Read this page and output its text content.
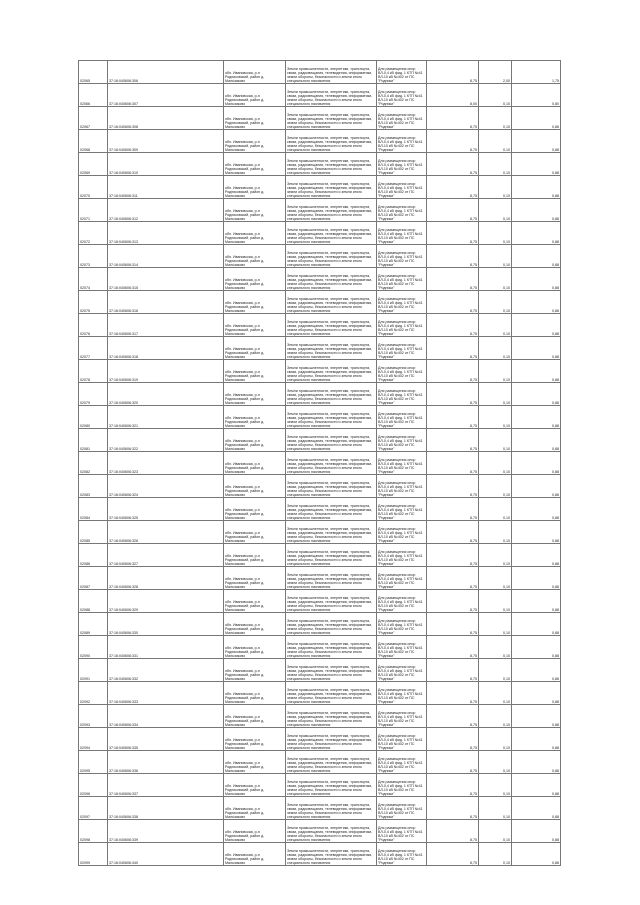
02065	37:16:040606:306	обл. Ивановская, р-н Родниковский, район д. Мальчиково	Земли промышленности, энергетики, транспорта, связи, радиовещания, телевидения, информатики, земли обороны, безопасности и земли иного специального назначения	Для размещения опор ВЛ-0,4 кВ фид. 1 КТП №41 ВЛ-10 кВ №402 от ПС "Родники"	8,75	2,00	1,75
02066	37:16:040606:307	обл. Ивановская, р-н Родниковский, район д. Мальчиково	Земли промышленности, энергетики, транспорта, связи, радиовещания, телевидения, информатики, земли обороны, безопасности и земли иного специального назначения	Для размещения опор ВЛ-0,4 кВ фид. 1 КТП №41 ВЛ-10 кВ №402 от ПС "Родники"	8,00	0,10	0,80
02067	37:16:040606:308	обл. Ивановская, р-н Родниковский, район д. Мальчиково	Земли промышленности, энергетики, транспорта, связи, радиовещания, телевидения, информатики, земли обороны, безопасности и земли иного специального назначения	Для размещения опор ВЛ-0,4 кВ фид. 1 КТП №41 ВЛ-10 кВ №402 от ПС "Родники"	8,75	0,10	0,88
02068	37:16:040606:309	обл. Ивановская, р-н Родниковский, район д. Мальчиково	Земли промышленности, энергетики, транспорта, связи, радиовещания, телевидения, информатики, земли обороны, безопасности и земли иного специального назначения	Для размещения опор ВЛ-0,4 кВ фид. 1 КТП №41 ВЛ-10 кВ №402 от ПС "Родники"	8,75	0,10	0,88
02069	37:16:040606:310	обл. Ивановская, р-н Родниковский, район д. Мальчиково	Земли промышленности, энергетики, транспорта, связи, радиовещания, телевидения, информатики, земли обороны, безопасности и земли иного специального назначения	Для размещения опор ВЛ-0,4 кВ фид. 1 КТП №41 ВЛ-10 кВ №402 от ПС "Родники"	8,75	0,10	0,88
02070	37:16:040606:311	обл. Ивановская, р-н Родниковский, район д. Мальчиково	Земли промышленности, энергетики, транспорта, связи, радиовещания, телевидения, информатики, земли обороны, безопасности и земли иного специального назначения	Для размещения опор ВЛ-0,4 кВ фид. 1 КТП №41 ВЛ-10 кВ №402 от ПС "Родники"	8,75	0,10	0,88
02071	37:16:040606:312	обл. Ивановская, р-н Родниковский, район д. Мальчиково	Земли промышленности, энергетики, транспорта, связи, радиовещания, телевидения, информатики, земли обороны, безопасности и земли иного специального назначения	Для размещения опор ВЛ-0,4 кВ фид. 1 КТП №41 ВЛ-10 кВ №402 от ПС "Родники"	8,75	0,10	0,88
02072	37:16:040606:313	обл. Ивановская, р-н Родниковский, район д. Мальчиково	Земли промышленности, энергетики, транспорта, связи, радиовещания, телевидения, информатики, земли обороны, безопасности и земли иного специального назначения	Для размещения опор ВЛ-0,4 кВ фид. 1 КТП №41 ВЛ-10 кВ №402 от ПС "Родники"	8,75	0,10	0,88
02073	37:16:040606:314	обл. Ивановская, р-н Родниковский, район д. Мальчиково	Земли промышленности, энергетики, транспорта, связи, радиовещания, телевидения, информатики, земли обороны, безопасности и земли иного специального назначения	Для размещения опор ВЛ-0,4 кВ фид. 1 КТП №41 ВЛ-10 кВ №402 от ПС "Родники"	8,75	0,10	0,88
02074	37:16:040606:315	обл. Ивановская, р-н Родниковский, район д. Мальчиково	Земли промышленности, энергетики, транспорта, связи, радиовещания, телевидения, информатики, земли обороны, безопасности и земли иного специального назначения	Для размещения опор ВЛ-0,4 кВ фид. 1 КТП №41 ВЛ-10 кВ №402 от ПС "Родники"	8,75	0,10	0,88
02075	37:16:040606:316	обл. Ивановская, р-н Родниковский, район д. Мальчиково	Земли промышленности, энергетики, транспорта, связи, радиовещания, телевидения, информатики, земли обороны, безопасности и земли иного специального назначения	Для размещения опор ВЛ-0,4 кВ фид. 1 КТП №41 ВЛ-10 кВ №402 от ПС "Родники"	8,75	0,10	0,88
02076	37:16:040606:317	обл. Ивановская, р-н Родниковский, район д. Мальчиково	Земли промышленности, энергетики, транспорта, связи, радиовещания, телевидения, информатики, земли обороны, безопасности и земли иного специального назначения	Для размещения опор ВЛ-0,4 кВ фид. 1 КТП №41 ВЛ-10 кВ №402 от ПС "Родники"	8,75	0,10	0,88
02077	37:16:040606:318	обл. Ивановская, р-н Родниковский, район д. Мальчиково	Земли промышленности, энергетики, транспорта, связи, радиовещания, телевидения, информатики, земли обороны, безопасности и земли иного специального назначения	Для размещения опор ВЛ-0,4 кВ фид. 1 КТП №41 ВЛ-10 кВ №402 от ПС "Родники"	8,75	0,10	0,88
02078	37:16:040606:319	обл. Ивановская, р-н Родниковский, район д. Мальчиково	Земли промышленности, энергетики, транспорта, связи, радиовещания, телевидения, информатики, земли обороны, безопасности и земли иного специального назначения	Для размещения опор ВЛ-0,4 кВ фид. 1 КТП №41 ВЛ-10 кВ №402 от ПС "Родники"	8,75	0,10	0,88
02079	37:16:040606:320	обл. Ивановская, р-н Родниковский, район д. Мальчиково	Земли промышленности, энергетики, транспорта, связи, радиовещания, телевидения, информатики, земли обороны, безопасности и земли иного специального назначения	Для размещения опор ВЛ-0,4 кВ фид. 1 КТП №41 ВЛ-10 кВ №402 от ПС "Родники"	8,75	0,10	0,88
02080	37:16:040606:321	обл. Ивановская, р-н Родниковский, район д. Мальчиково	Земли промышленности, энергетики, транспорта, связи, радиовещания, телевидения, информатики, земли обороны, безопасности и земли иного специального назначения	Для размещения опор ВЛ-0,4 кВ фид. 1 КТП №41 ВЛ-10 кВ №402 от ПС "Родники"	8,75	0,10	0,88
02081	37:16:040606:322	обл. Ивановская, р-н Родниковский, район д. Мальчиково	Земли промышленности, энергетики, транспорта, связи, радиовещания, телевидения, информатики, земли обороны, безопасности и земли иного специального назначения	Для размещения опор ВЛ-0,4 кВ фид. 1 КТП №41 ВЛ-10 кВ №402 от ПС "Родники"	8,75	0,10	0,88
02082	37:16:040606:323	обл. Ивановская, р-н Родниковский, район д. Мальчиково	Земли промышленности, энергетики, транспорта, связи, радиовещания, телевидения, информатики, земли обороны, безопасности и земли иного специального назначения	Для размещения опор ВЛ-0,4 кВ фид. 1 КТП №41 ВЛ-10 кВ №402 от ПС "Родники"	8,75	0,10	0,88
02083	37:16:040606:324	обл. Ивановская, р-н Родниковский, район д. Мальчиково	Земли промышленности, энергетики, транспорта, связи, радиовещания, телевидения, информатики, земли обороны, безопасности и земли иного специального назначения	Для размещения опор ВЛ-0,4 кВ фид. 1 КТП №41 ВЛ-10 кВ №402 от ПС "Родники"	8,75	0,10	0,88
02084	37:16:040606:325	обл. Ивановская, р-н Родниковский, район д. Мальчиково	Земли промышленности, энергетики, транспорта, связи, радиовещания, телевидения, информатики, земли обороны, безопасности и земли иного специального назначения	Для размещения опор ВЛ-0,4 кВ фид. 1 КТП №41 ВЛ-10 кВ №402 от ПС "Родники"	8,75	0,10	0,88
02085	37:16:040606:326	обл. Ивановская, р-н Родниковский, район д. Мальчиково	Земли промышленности, энергетики, транспорта, связи, радиовещания, телевидения, информатики, земли обороны, безопасности и земли иного специального назначения	Для размещения опор ВЛ-0,4 кВ фид. 1 КТП №41 ВЛ-10 кВ №402 от ПС "Родники"	8,75	0,10	0,88
02086	37:16:040606:327	обл. Ивановская, р-н Родниковский, район д. Мальчиково	Земли промышленности, энергетики, транспорта, связи, радиовещания, телевидения, информатики, земли обороны, безопасности и земли иного специального назначения	Для размещения опор ВЛ-0,4 кВ фид. 1 КТП №41 ВЛ-10 кВ №402 от ПС "Родники"	8,75	0,10	0,88
02087	37:16:040606:328	обл. Ивановская, р-н Родниковский, район д. Мальчиково	Земли промышленности, энергетики, транспорта, связи, радиовещания, телевидения, информатики, земли обороны, безопасности и земли иного специального назначения	Для размещения опор ВЛ-0,4 кВ фид. 1 КТП №41 ВЛ-10 кВ №402 от ПС "Родники"	8,75	0,10	0,88
02088	37:16:040606:329	обл. Ивановская, р-н Родниковский, район д. Мальчиково	Земли промышленности, энергетики, транспорта, связи, радиовещания, телевидения, информатики, земли обороны, безопасности и земли иного специального назначения	Для размещения опор ВЛ-0,4 кВ фид. 1 КТП №41 ВЛ-10 кВ №402 от ПС "Родники"	8,75	0,10	0,88
02089	37:16:040606:330	обл. Ивановская, р-н Родниковский, район д. Мальчиково	Земли промышленности, энергетики, транспорта, связи, радиовещания, телевидения, информатики, земли обороны, безопасности и земли иного специального назначения	Для размещения опор ВЛ-0,4 кВ фид. 1 КТП №41 ВЛ-10 кВ №402 от ПС "Родники"	8,75	0,10	0,88
02090	37:16:040606:331	обл. Ивановская, р-н Родниковский, район д. Мальчиково	Земли промышленности, энергетики, транспорта, связи, радиовещания, телевидения, информатики, земли обороны, безопасности и земли иного специального назначения	Для размещения опор ВЛ-0,4 кВ фид. 1 КТП №41 ВЛ-10 кВ №402 от ПС "Родники"	8,75	0,10	0,88
02091	37:16:040606:332	обл. Ивановская, р-н Родниковский, район д. Мальчиково	Земли промышленности, энергетики, транспорта, связи, радиовещания, телевидения, информатики, земли обороны, безопасности и земли иного специального назначения	Для размещения опор ВЛ-0,4 кВ фид. 1 КТП №41 ВЛ-10 кВ №402 от ПС "Родники"	8,75	0,10	0,88
02092	37:16:040606:333	обл. Ивановская, р-н Родниковский, район д. Мальчиково	Земли промышленности, энергетики, транспорта, связи, радиовещания, телевидения, информатики, земли обороны, безопасности и земли иного специального назначения	Для размещения опор ВЛ-0,4 кВ фид. 1 КТП №41 ВЛ-10 кВ №402 от ПС "Родники"	8,75	0,10	0,88
02093	37:16:040606:334	обл. Ивановская, р-н Родниковский, район д. Мальчиково	Земли промышленности, энергетики, транспорта, связи, радиовещания, телевидения, информатики, земли обороны, безопасности и земли иного специального назначения	Для размещения опор ВЛ-0,4 кВ фид. 1 КТП №41 ВЛ-10 кВ №402 от ПС "Родники"	8,75	0,10	0,88
02094	37:16:040606:335	обл. Ивановская, р-н Родниковский, район д. Мальчиково	Земли промышленности, энергетики, транспорта, связи, радиовещания, телевидения, информатики, земли обороны, безопасности и земли иного специального назначения	Для размещения опор ВЛ-0,4 кВ фид. 1 КТП №41 ВЛ-10 кВ №402 от ПС "Родники"	8,75	0,10	0,88
02095	37:16:040606:336	обл. Ивановская, р-н Родниковский, район д. Мальчиково	Земли промышленности, энергетики, транспорта, связи, радиовещания, телевидения, информатики, земли обороны, безопасности и земли иного специального назначения	Для размещения опор ВЛ-0,4 кВ фид. 1 КТП №41 ВЛ-10 кВ №402 от ПС "Родники"	8,75	0,10	0,88
02096	37:16:040606:337	обл. Ивановская, р-н Родниковский, район д. Мальчиково	Земли промышленности, энергетики, транспорта, связи, радиовещания, телевидения, информатики, земли обороны, безопасности и земли иного специального назначения	Для размещения опор ВЛ-0,4 кВ фид. 1 КТП №41 ВЛ-10 кВ №402 от ПС "Родники"	8,75	0,10	0,88
02097	37:16:040606:338	обл. Ивановская, р-н Родниковский, район д. Мальчиково	Земли промышленности, энергетики, транспорта, связи, радиовещания, телевидения, информатики, земли обороны, безопасности и земли иного специального назначения	Для размещения опор ВЛ-0,4 кВ фид. 1 КТП №41 ВЛ-10 кВ №402 от ПС "Родники"	8,75	0,10	0,88
02098	37:16:040606:339	обл. Ивановская, р-н Родниковский, район д. Мальчиково	Земли промышленности, энергетики, транспорта, связи, радиовещания, телевидения, информатики, земли обороны, безопасности и земли иного специального назначения	Для размещения опор ВЛ-0,4 кВ фид. 1 КТП №41 ВЛ-10 кВ №402 от ПС "Родники"	8,75	0,10	0,88
02099	37:16:040606:340	обл. Ивановская, р-н Родниковский, район д. Мальчиково	Земли промышленности, энергетики, транспорта, связи, радиовещания, телевидения, информатики, земли обороны, безопасности и земли иного специального назначения	Для размещения опор ВЛ-0,4 кВ фид. 1 КТП №41 ВЛ-10 кВ №402 от ПС "Родники"	8,75	0,10	0,88
